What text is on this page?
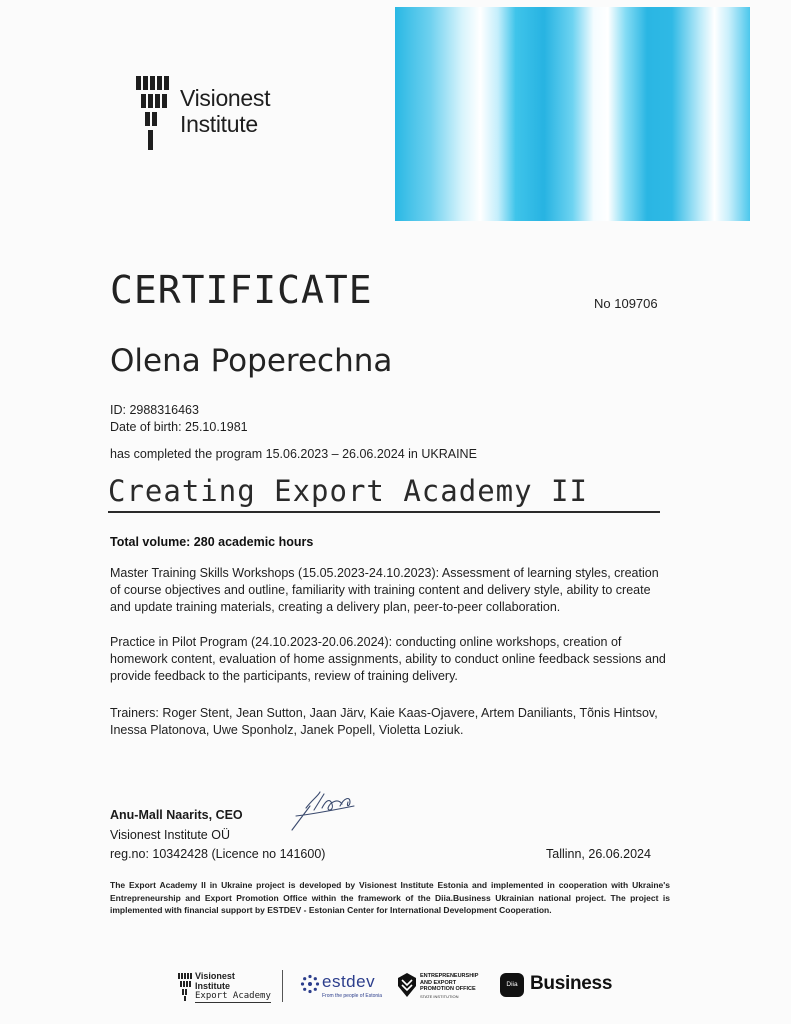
Visionest
Institute
CERTIFICATE	No 109706
Olena Poperechna
ID: 2988316463
Date of birth: 25.10.1981
has completed the program 15.06.2023 – 26.06.2024 in UKRAINE
Creating Export Academy II
Total volume: 280 academic hours
Master Training Skills Workshops (15.05.2023-24.10.2023): Assessment of learning styles, creation of course objectives and outline, familiarity with training content and delivery style, ability to create and update training materials, creating a delivery plan, peer-to-peer collaboration.
Practice in Pilot Program (24.10.2023-20.06.2024): conducting online workshops, creation of homework content, evaluation of home assignments, ability to conduct online feedback sessions and provide feedback to the participants, review of training delivery.
Trainers: Roger Stent, Jean Sutton, Jaan Järv, Kaie Kaas-Ojavere, Artem Daniliants, Tõnis Hintsov, Inessa Platonova, Uwe Sponholz, Janek Popell, Violetta Loziuk.
Anu-Mall Naarits, CEO
Visionest Institute OÜ
reg.no: 10342428 (Licence no 141600)	Tallinn, 26.06.2024
The Export Academy II in Ukraine project is developed by Visionest Institute Estonia and implemented in cooperation with Ukraine's Entrepreneurship and Export Promotion Office within the framework of the Diia.Business Ukrainian national project. The project is implemented with financial support by ESTDEV - Estonian Center for International Development Cooperation.
Visionest
Institute
Export Academy
estdev
From the people of Estonia
ENTREPRENEURSHIP
AND EXPORT
PROMOTION OFFICE
STATE INSTITUTION
Diia Business
